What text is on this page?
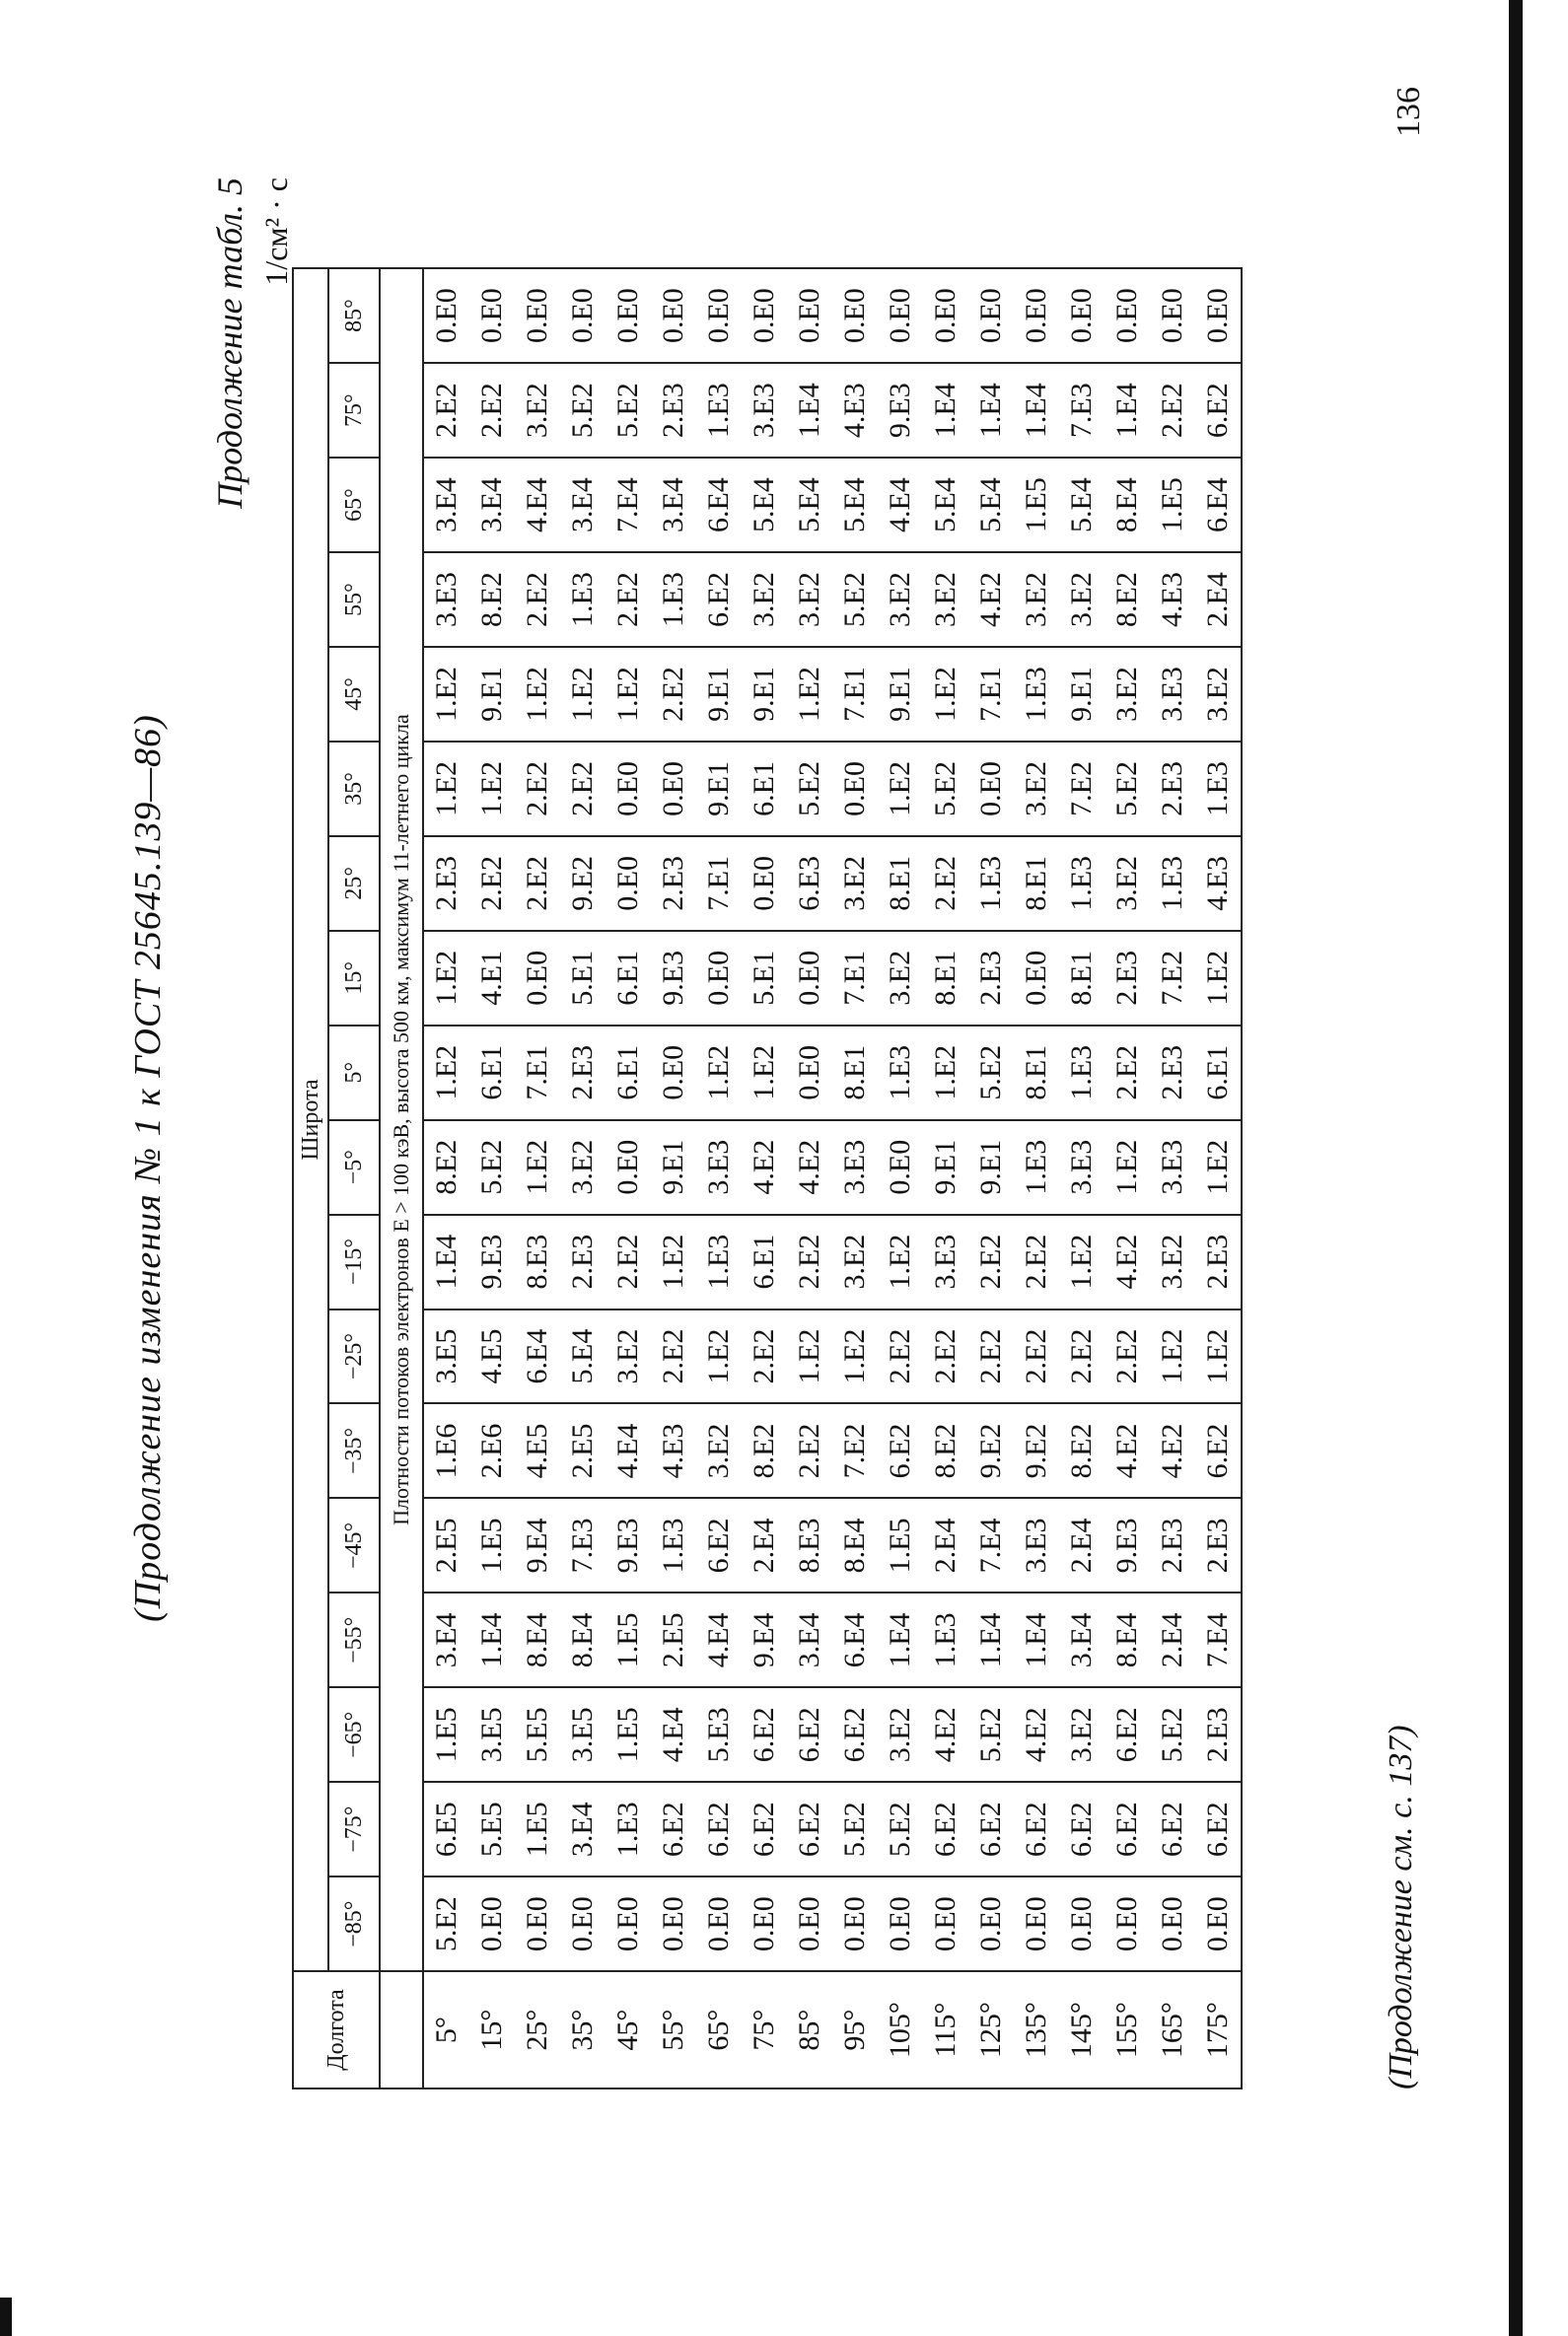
(Продолжение изменения № 1 к ГОСТ 25645.139—86)
Продолжение табл. 5 1/см² · с
Долгота	Широта																	
	−85°	−75°	−65°	−55°	−45°	−35°	−25°	−15°	−5°	5°	15°	25°	35°	45°	55°	65°	75°	85°
	Плотности потоков электронов E > 100 кэВ, высота 500 км, максимум 11-летнего цикла																	
5°	5.E2	6.E5	1.E5	3.E4	2.E5	1.E6	3.E5	1.E4	8.E2	1.E2	1.E2	2.E3	1.E2	1.E2	3.E3	3.E4	2.E2	0.E0
15°	0.E0	5.E5	3.E5	1.E4	1.E5	2.E6	4.E5	9.E3	5.E2	6.E1	4.E1	2.E2	1.E2	9.E1	8.E2	3.E4	2.E2	0.E0
25°	0.E0	1.E5	5.E5	8.E4	9.E4	4.E5	6.E4	8.E3	1.E2	7.E1	0.E0	2.E2	2.E2	1.E2	2.E2	4.E4	3.E2	0.E0
35°	0.E0	3.E4	3.E5	8.E4	7.E3	2.E5	5.E4	2.E3	3.E2	2.E3	5.E1	9.E2	2.E2	1.E2	1.E3	3.E4	5.E2	0.E0
45°	0.E0	1.E3	1.E5	1.E5	9.E3	4.E4	3.E2	2.E2	0.E0	6.E1	6.E1	0.E0	0.E0	1.E2	2.E2	7.E4	5.E2	0.E0
55°	0.E0	6.E2	4.E4	2.E5	1.E3	4.E3	2.E2	1.E2	9.E1	0.E0	9.E3	2.E3	0.E0	2.E2	1.E3	3.E4	2.E3	0.E0
65°	0.E0	6.E2	5.E3	4.E4	6.E2	3.E2	1.E2	1.E3	3.E3	1.E2	0.E0	7.E1	9.E1	9.E1	6.E2	6.E4	1.E3	0.E0
75°	0.E0	6.E2	6.E2	9.E4	2.E4	8.E2	2.E2	6.E1	4.E2	1.E2	5.E1	0.E0	6.E1	9.E1	3.E2	5.E4	3.E3	0.E0
85°	0.E0	6.E2	6.E2	3.E4	8.E3	2.E2	1.E2	2.E2	4.E2	0.E0	0.E0	6.E3	5.E2	1.E2	3.E2	5.E4	1.E4	0.E0
95°	0.E0	5.E2	6.E2	6.E4	8.E4	7.E2	1.E2	3.E2	3.E3	8.E1	7.E1	3.E2	0.E0	7.E1	5.E2	5.E4	4.E3	0.E0
105°	0.E0	5.E2	3.E2	1.E4	1.E5	6.E2	2.E2	1.E2	0.E0	1.E3	3.E2	8.E1	1.E2	9.E1	3.E2	4.E4	9.E3	0.E0
115°	0.E0	6.E2	4.E2	1.E3	2.E4	8.E2	2.E2	3.E3	9.E1	1.E2	8.E1	2.E2	5.E2	1.E2	3.E2	5.E4	1.E4	0.E0
125°	0.E0	6.E2	5.E2	1.E4	7.E4	9.E2	2.E2	2.E2	9.E1	5.E2	2.E3	1.E3	0.E0	7.E1	4.E2	5.E4	1.E4	0.E0
135°	0.E0	6.E2	4.E2	1.E4	3.E3	9.E2	2.E2	2.E2	1.E3	8.E1	0.E0	8.E1	3.E2	1.E3	3.E2	1.E5	1.E4	0.E0
145°	0.E0	6.E2	3.E2	3.E4	2.E4	8.E2	2.E2	1.E2	3.E3	1.E3	8.E1	1.E3	7.E2	9.E1	3.E2	5.E4	7.E3	0.E0
155°	0.E0	6.E2	6.E2	8.E4	9.E3	4.E2	2.E2	4.E2	1.E2	2.E2	2.E3	3.E2	5.E2	3.E2	8.E2	8.E4	1.E4	0.E0
165°	0.E0	6.E2	5.E2	2.E4	2.E3	4.E2	1.E2	3.E2	3.E3	2.E3	7.E2	1.E3	2.E3	3.E3	4.E3	1.E5	2.E2	0.E0
175°	0.E0	6.E2	2.E3	7.E4	2.E3	6.E2	1.E2	2.E3	1.E2	6.E1	1.E2	4.E3	1.E3	3.E2	2.E4	6.E4	6.E2	0.E0
(Продолжение см. с. 137)
136
